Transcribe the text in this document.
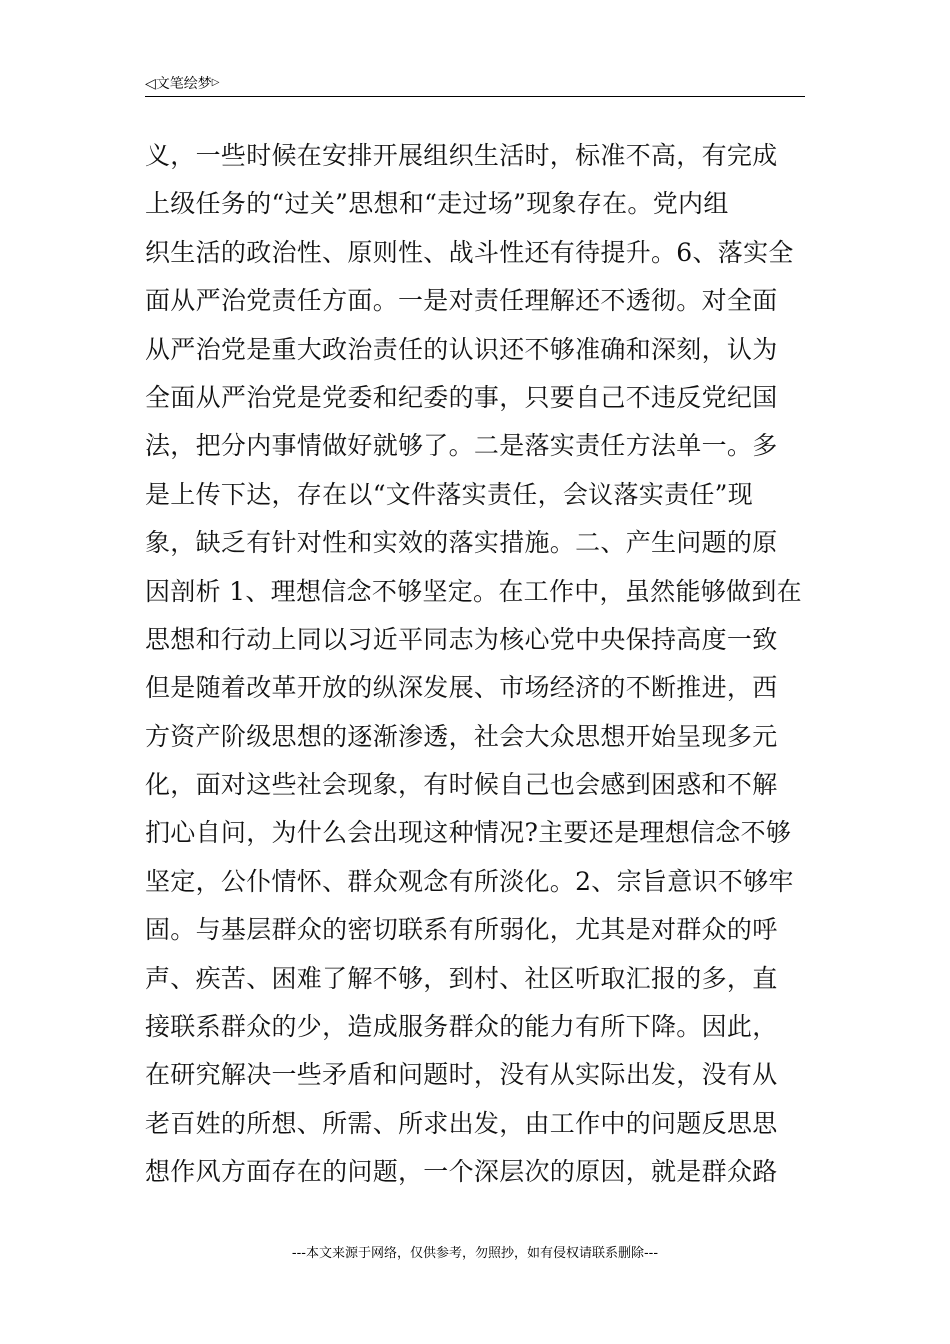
◁文笔绘梦▷
义，一些时候在安排开展组织生活时，标准不高，有完成
上级任务的“过关”思想和“走过场”现象存在。党内组
织生活的政治性、原则性、战斗性还有待提升。6、落实全
面从严治党责任方面。一是对责任理解还不透彻。对全面
从严治党是重大政治责任的认识还不够准确和深刻，认为
全面从严治党是党委和纪委的事，只要自己不违反党纪国
法，把分内事情做好就够了。二是落实责任方法单一。多
是上传下达，存在以“文件落实责任，会议落实责任”现
象，缺乏有针对性和实效的落实措施。二、产生问题的原
因剖析 1、理想信念不够坚定。在工作中，虽然能够做到在
思想和行动上同以习近平同志为核心党中央保持高度一致
但是随着改革开放的纵深发展、市场经济的不断推进，西
方资产阶级思想的逐渐渗透，社会大众思想开始呈现多元
化，面对这些社会现象，有时候自己也会感到困惑和不解
扪心自问，为什么会出现这种情况?主要还是理想信念不够
坚定，公仆情怀、群众观念有所淡化。2、宗旨意识不够牢
固。与基层群众的密切联系有所弱化，尤其是对群众的呼
声、疾苦、困难了解不够，到村、社区听取汇报的多，直
接联系群众的少，造成服务群众的能力有所下降。因此，
在研究解决一些矛盾和问题时，没有从实际出发，没有从
老百姓的所想、所需、所求出发，由工作中的问题反思思
想作风方面存在的问题，一个深层次的原因，就是群众路
---本文来源于网络，仅供参考，勿照抄，如有侵权请联系删除---
